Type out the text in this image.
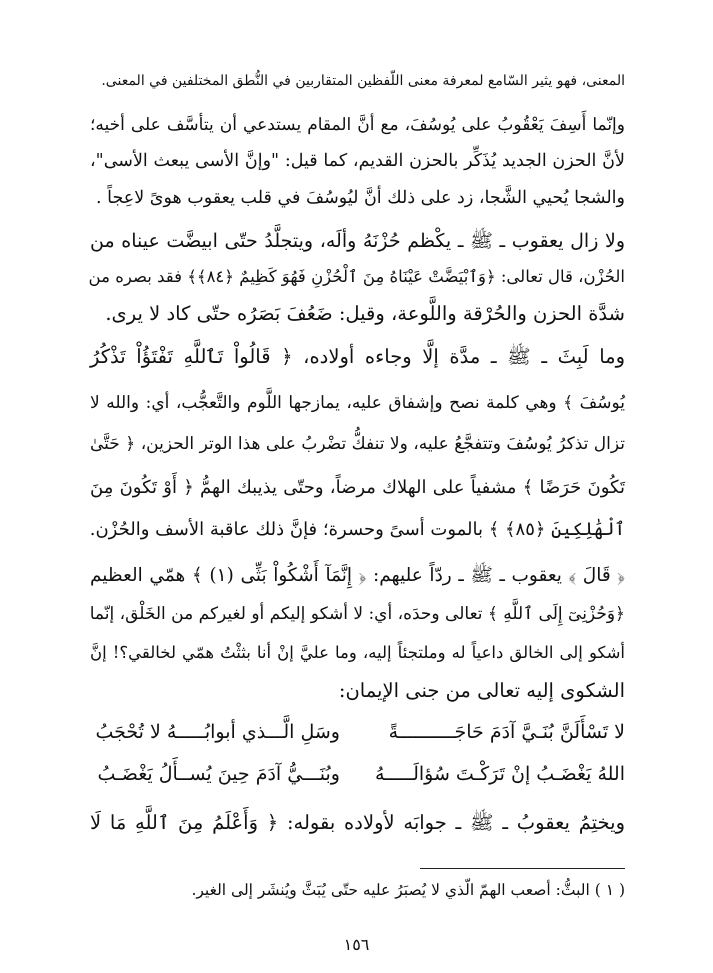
المعنى، فهو يثير السّامع لمعرفة معنى اللّفظين المتقاربين في النُّطق المختلفين في المعنى.
وإنّما أَسِفَ يَعْقُوبُ على يُوسُفَ، مع أنَّ المقام يستدعي أن يتأسَّف على أخيه؛
لأنَّ الحزن الجديد يُذَكِّر بالحزن القديم، كما قيل: "وإنَّ الأسى يبعث الأسى"،
والشجا يُحيي الشَّجا، زد على ذلك أنَّ ليُوسُفَ في قلب يعقوب هوىً لاعِجاً .
ولا زال يعقوب ـ ﷺ ـ يكْظم حُزْنَهُ وألَه، ويتجلَّدُ حتّى ابيضَّت عيناه من
الحُزْن، قال تعالى: ﴿وَٱبْيَضَّتْ عَيْنَاهُ مِنَ ٱلْحُزْنِ فَهُوَ كَظِيمٌ ﴿٨٤﴾﴾ فقد بصره من
شدَّة الحزن والحُرْقة واللَّوعة، وقيل: ضَعُفَ بَصَرُه حتّى كاد لا يرى.
وما لَبِثَ ـ ﷺ ـ مدَّة إلَّا وجاءه أولاده، ﴿ قَالُواْ تَٱللَّهِ تَفْتَؤُاْ تَذْكُرُ
يُوسُفَ ﴾ وهي كلمة نصح وإشفاق عليه، يمازجها اللَّوم والتَّعجُّب، أي: والله لا
تزال تذكرُ يُوسُفَ وتتفجَّعُ عليه، ولا تنفكُّ تضْربُ على هذا الوتر الحزين، ﴿ حَتَّىٰ
تَكُونَ حَرَضًا ﴾ مشفياً على الهلاك مرضاً، وحتّى يذيبك الهمُّ ﴿ أَوْ تَكُونَ مِنَ
ٱلْهَٰلِكِينَ ﴿٨٥﴾ ﴾ بالموت أسىً وحسرة؛ فإنَّ ذلك عاقبة الأسف والحُزْن.
﴿ قَالَ ﴾ يعقوب ـ ﷺ ـ ردّاً عليهم: ﴿ إِنَّمَآ أَشْكُواْ بَثِّى (١) ﴾ همّي العظيم
﴿وَحُزْنِىٓ إِلَى ٱللَّهِ ﴾ تعالى وحدَه، أي: لا أشكو إليكم أو لغيركم من الخَلْق، إنّما
أشكو إلى الخالق داعياً له وملتجئاً إليه، وما عليَّ إنْ أنا بثثْتُ همّي لخالقي؟! إنَّ
الشكوى إليه تعالى من جنى الإيمان:
لا تَسْأَلَنَّ بُنَـيَّ آدَمَ حَاجَــــــــــةً
وسَلِ الَّـــذي أبوابُـــــهُ لا تُحْجَبُ
اللهُ يَغْضَـبُ إنْ تَرَكْـتَ سُؤالَـــــهُ
وبُنَـــيُّ آدَمَ حِينَ يُســأَلُ يَغْضَـبُ
ويختِمُ يعقوبُ ـ ﷺ ـ جوابَه لأولاده بقوله: ﴿ وَأَعْلَمُ مِنَ ٱللَّهِ مَا لَا
( ١ ) البثُّ: أصعب الهمّ الّذي لا يُصبَرُ عليه حتّى يُبَثَّ ويُنشَر إلى الغير.
١٥٦
